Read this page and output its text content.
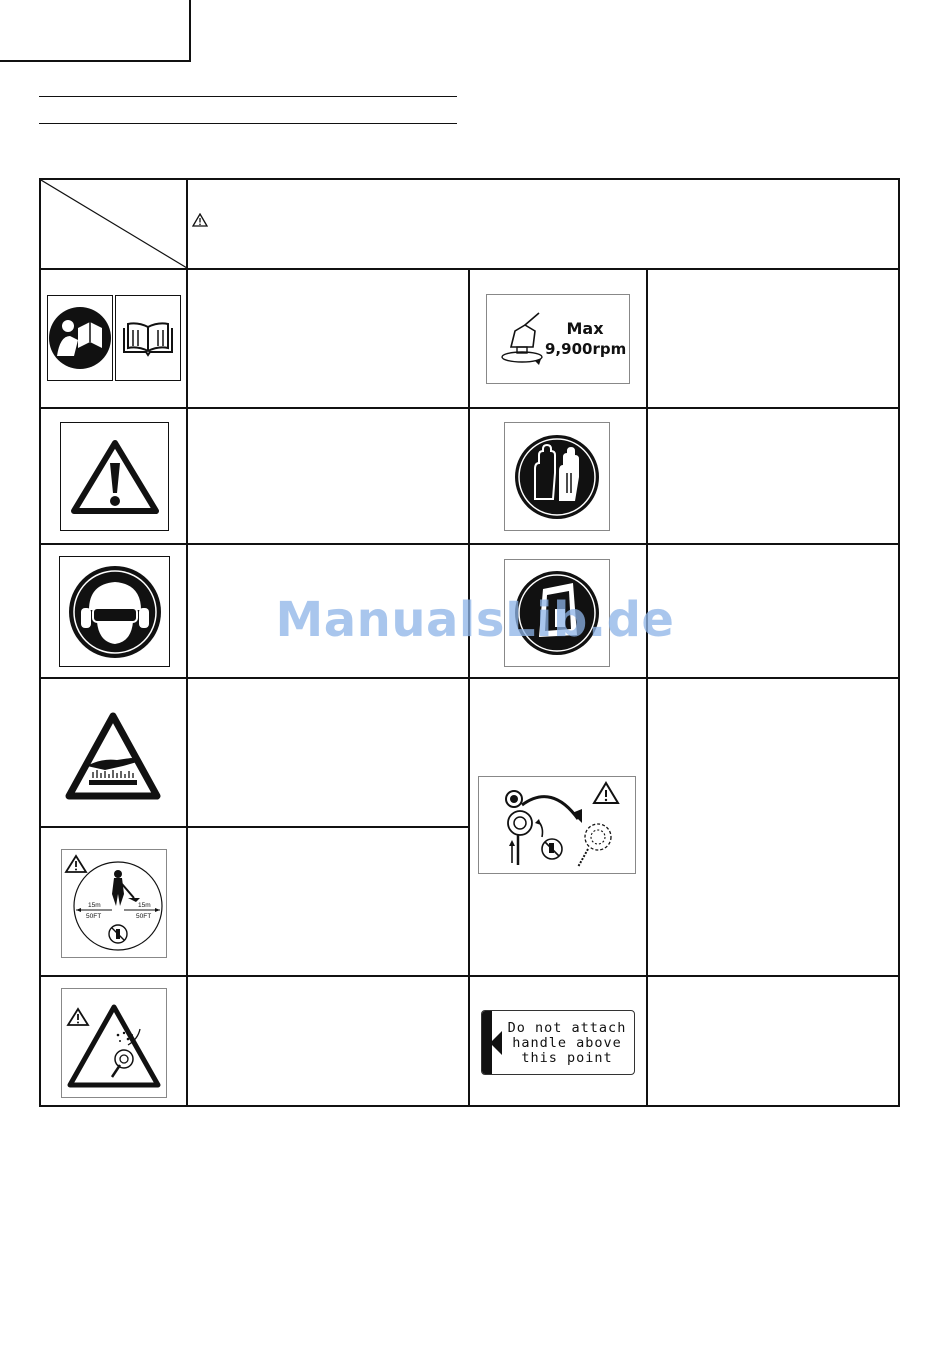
Max
9,900rpm
15m
50FT
15m
50FT
Do not attach
handle above
this point
ManualsLib.de
